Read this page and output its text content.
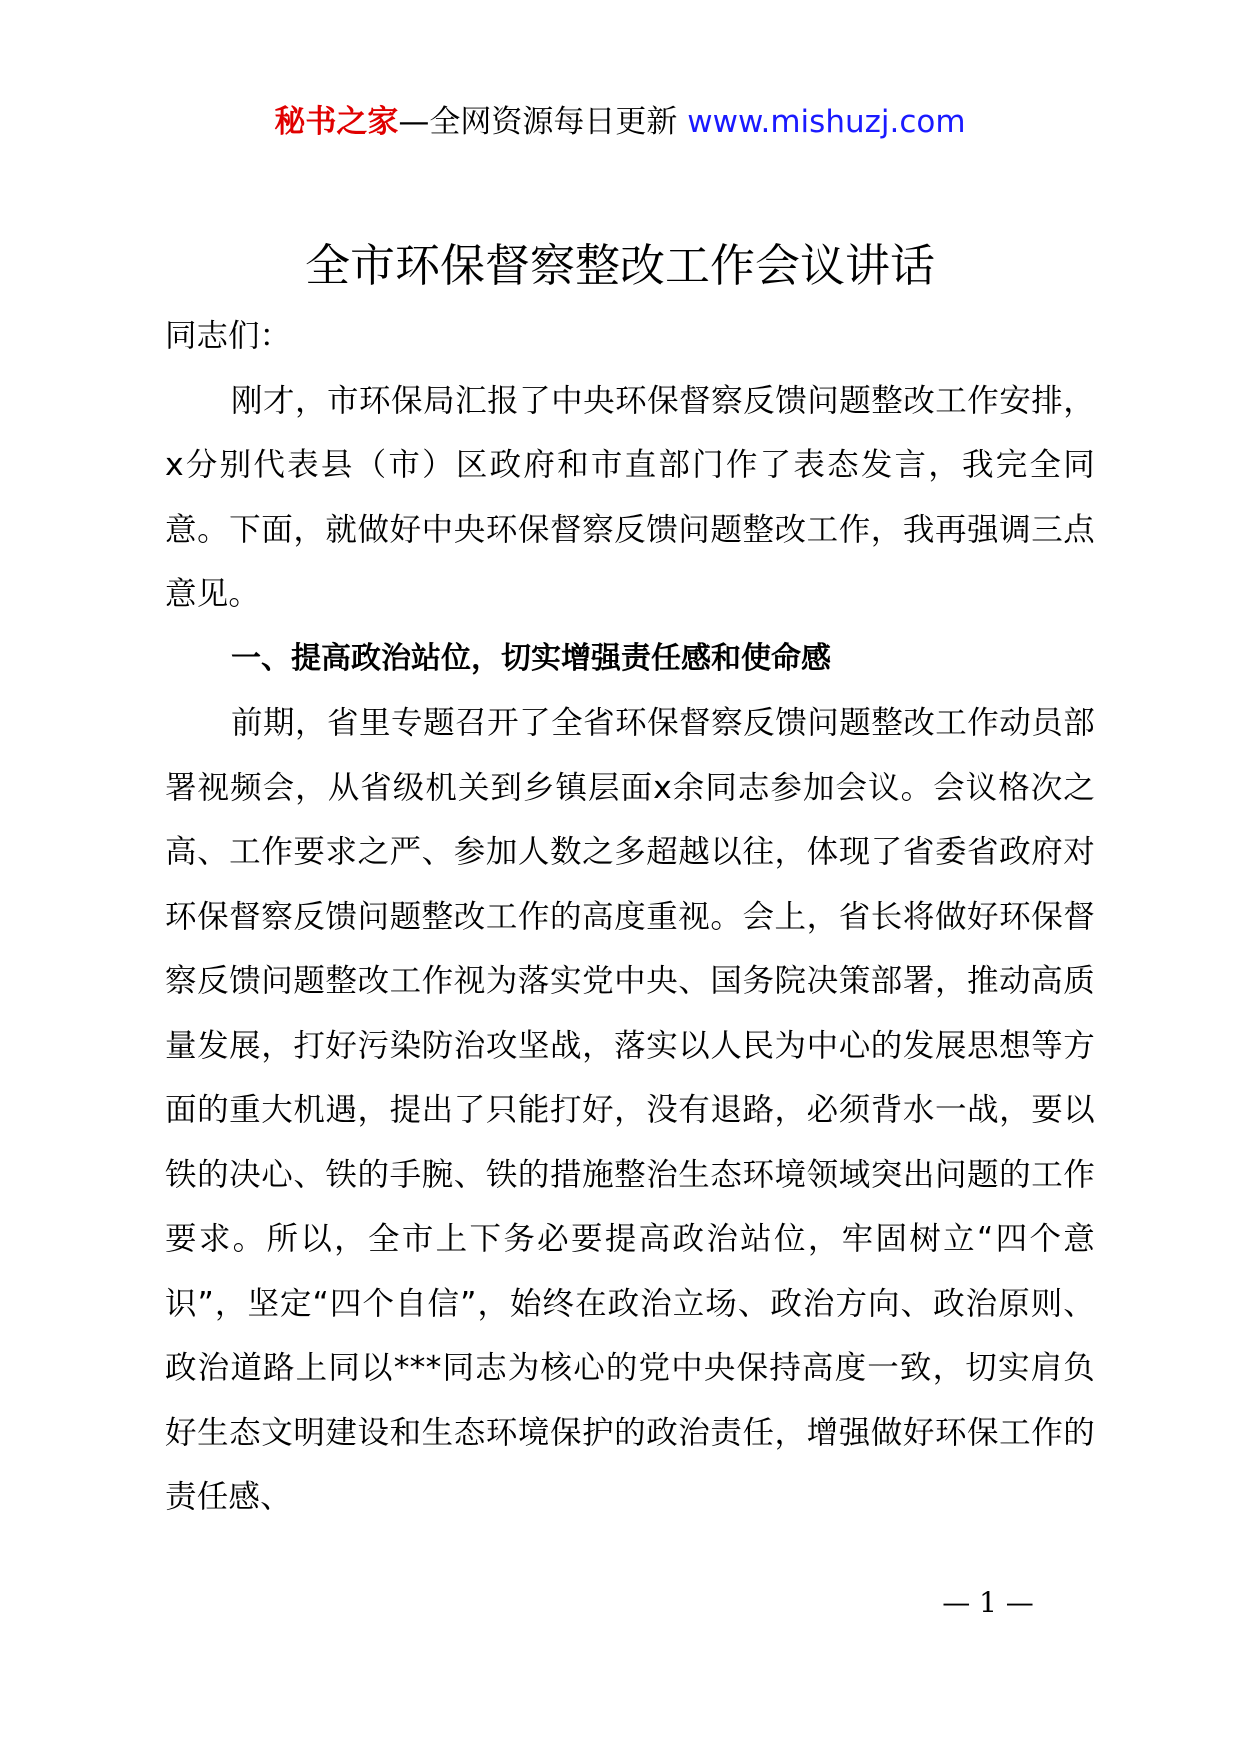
秘书之家—全网资源每日更新 www.mishuzj.com
全市环保督察整改工作会议讲话

同志们：

刚才，市环保局汇报了中央环保督察反馈问题整改工作安排，x分别代表县（市）区政府和市直部门作了表态发言，我完全同意。下面，就做好中央环保督察反馈问题整改工作，我再强调三点意见。

一、提高政治站位，切实增强责任感和使命感

前期，省里专题召开了全省环保督察反馈问题整改工作动员部署视频会，从省级机关到乡镇层面x余同志参加会议。会议格次之高、工作要求之严、参加人数之多超越以往，体现了省委省政府对环保督察反馈问题整改工作的高度重视。会上，省长将做好环保督察反馈问题整改工作视为落实党中央、国务院决策部署，推动高质量发展，打好污染防治攻坚战，落实以人民为中心的发展思想等方面的重大机遇，提出了只能打好，没有退路，必须背水一战，要以铁的决心、铁的手腕、铁的措施整治生态环境领域突出问题的工作要求。所以，全市上下务必要提高政治站位，牢固树立“四个意识”，坚定“四个自信”，始终在政治立场、政治方向、政治原则、政治道路上同以***同志为核心的党中央保持高度一致，切实肩负好生态文明建设和生态环境保护的政治责任，增强做好环保工作的责任感、

— 1 —
